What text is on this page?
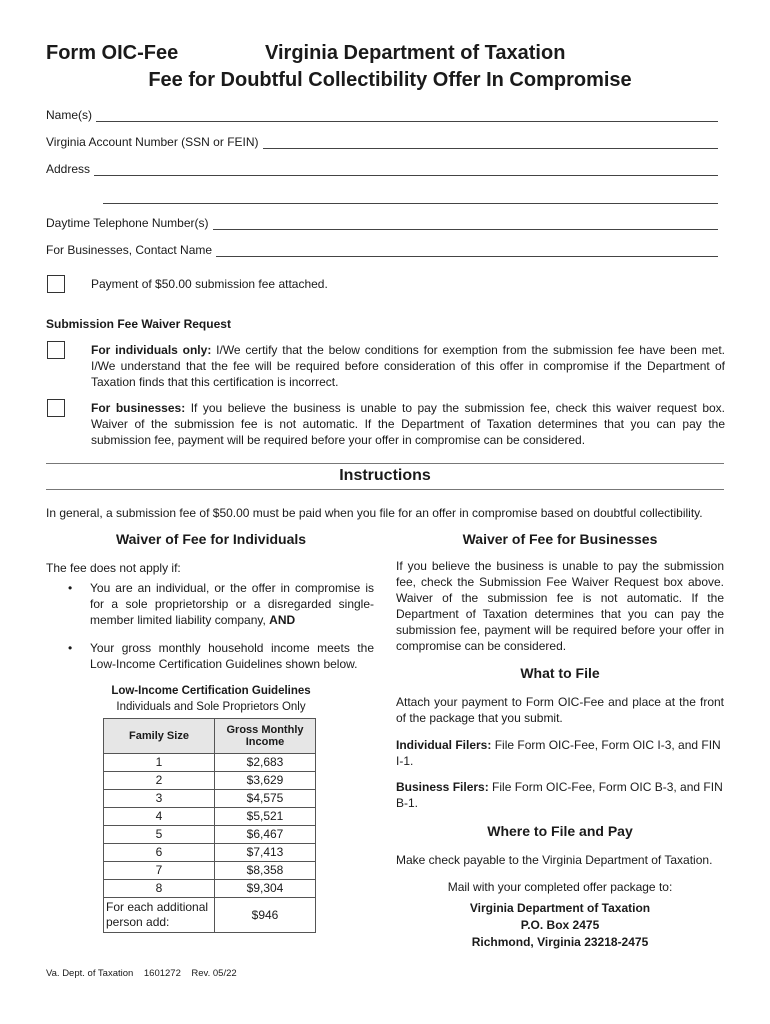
Form OIC-Fee	Virginia Department of Taxation
Fee for Doubtful Collectibility Offer In Compromise
Name(s)
Virginia Account Number (SSN or FEIN)
Address
Daytime Telephone Number(s)
For Businesses, Contact Name
Payment of $50.00 submission fee attached.
Submission Fee Waiver Request
For individuals only: I/We certify that the below conditions for exemption from the submission fee have been met. I/We understand that the fee will be required before consideration of this offer in compromise if the Department of Taxation finds that this certification is incorrect.
For businesses: If you believe the business is unable to pay the submission fee, check this waiver request box. Waiver of the submission fee is not automatic. If the Department of Taxation determines that you can pay the submission fee, payment will be required before your offer in compromise can be considered.
Instructions
In general, a submission fee of $50.00 must be paid when you file for an offer in compromise based on doubtful collectibility.
Waiver of Fee for Individuals
The fee does not apply if:
• You are an individual, or the offer in compromise is for a sole proprietorship or a disregarded single-member limited liability company, AND
• Your gross monthly household income meets the Low-Income Certification Guidelines shown below.
Low-Income Certification Guidelines
Individuals and Sole Proprietors Only
Family Size	Gross Monthly Income
1	$2,683
2	$3,629
3	$4,575
4	$5,521
5	$6,467
6	$7,413
7	$8,358
8	$9,304
For each additional person add:	$946
Waiver of Fee for Businesses
If you believe the business is unable to pay the submission fee, check the Submission Fee Waiver Request box above. Waiver of the submission fee is not automatic. If the Department of Taxation determines that you can pay the submission fee, payment will be required before your offer in compromise can be considered.
What to File
Attach your payment to Form OIC-Fee and place at the front of the package that you submit.
Individual Filers: File Form OIC-Fee, Form OIC I-3, and FIN I-1.
Business Filers: File Form OIC-Fee, Form OIC B-3, and FIN B-1.
Where to File and Pay
Make check payable to the Virginia Department of Taxation.
Mail with your completed offer package to:
Virginia Department of Taxation
P.O. Box 2475
Richmond, Virginia 23218-2475
Va. Dept. of Taxation    1601272    Rev. 05/22
